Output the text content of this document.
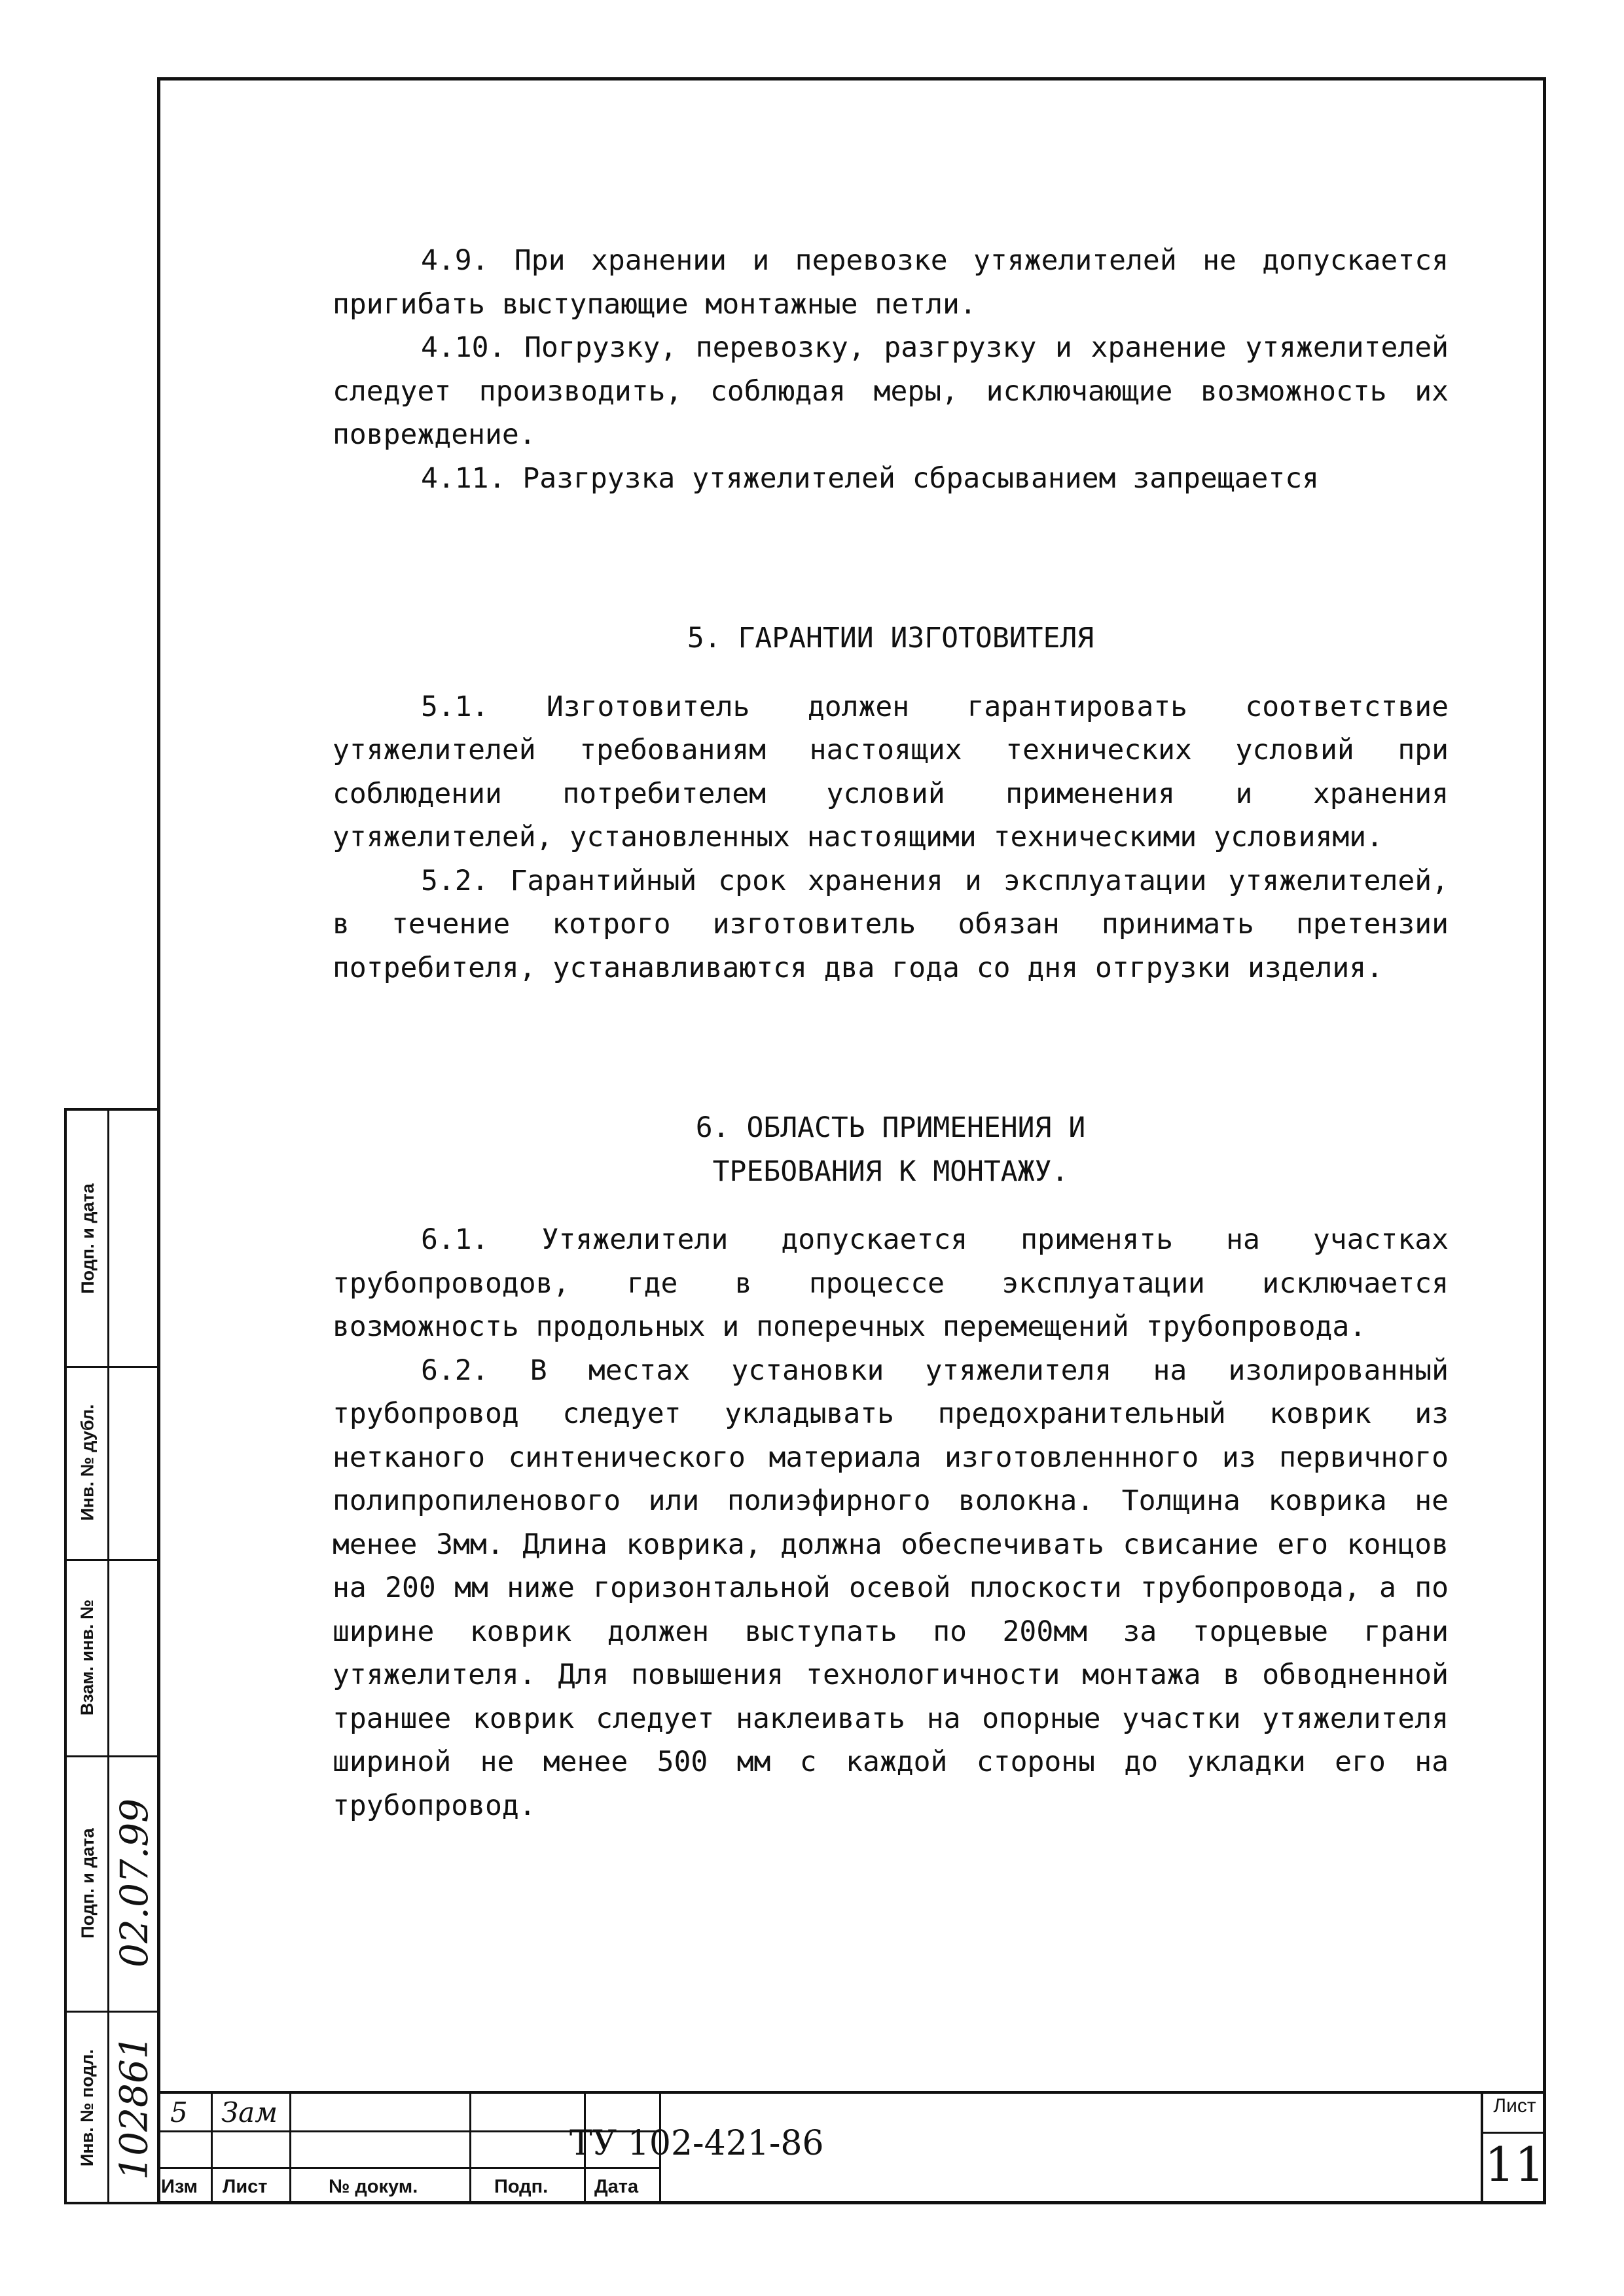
4.9. При хранении и перевозке утяжелителей не допускается пригибать выступающие монтажные петли.

4.10. Погрузку, перевозку, разгрузку и хранение утяжелителей следует производить, соблюдая меры, исключающие возможность их повреждение.

4.11. Разгрузка утяжелителей сбрасыванием запрещается

5. ГАРАНТИИ ИЗГОТОВИТЕЛЯ

5.1. Изготовитель должен гарантировать соответствие утяжелителей требованиям настоящих технических условий при соблюдении потребителем условий применения и хранения утяжелителей, установленных настоящими техническими условиями.

5.2. Гарантийный срок хранения и эксплуатации утяжелителей, в течение котрого изготовитель обязан принимать претензии потребителя, устанавливаются два года со дня отгрузки изделия.

6. ОБЛАСТЬ ПРИМЕНЕНИЯ И

ТРЕБОВАНИЯ К МОНТАЖУ.

6.1. Утяжелители допускается применять на участках трубопроводов, где в процессе эксплуатации исключается возможность продольных и поперечных перемещений трубопровода.

6.2. В местах установки утяжелителя на изолированный трубопровод следует укладывать предохранительный коврик из нетканого синтенического материала изготовленнного из первичного полипропиленового или полиэфирного волокна. Толщина коврика не менее 3мм. Длина коврика, должна обеспечивать свисание его концов на 200 мм ниже горизонтальной осевой плоскости трубопровода, а по ширине коврик должен выступать по 200мм за торцевые грани утяжелителя. Для повышения технологичности монтажа в обводненной траншее коврик следует наклеивать на опорные участки утяжелителя шириной не менее 500 мм с каждой стороны до укладки его на трубопровод.

Подп. и дата
Инв. № дубл.
Взам. инв. №
Подп. и дата
Инв. № подл.
02.07.99
102861 5 Зам
Изм Лист	№ докум.	Подп. Дата
ТУ 102-421-86
Лист
11
